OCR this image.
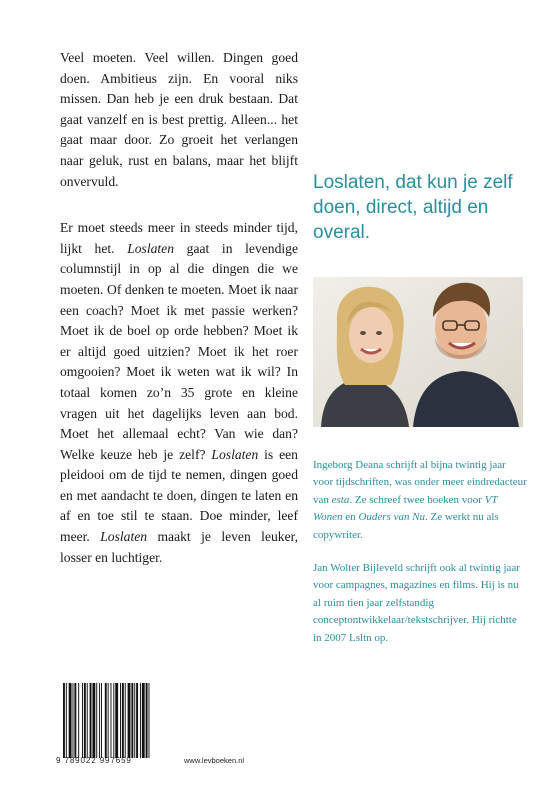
Veel moeten. Veel willen. Dingen goed doen. Ambitieus zijn. En vooral niks missen. Dan heb je een druk bestaan. Dat gaat vanzelf en is best prettig. Alleen... het gaat maar door. Zo groeit het verlangen naar geluk, rust en balans, maar het blijft onvervuld.

Er moet steeds meer in steeds minder tijd, lijkt het. Loslaten gaat in levendige columnstijl in op al die dingen die we moeten. Of denken te moeten. Moet ik naar een coach? Moet ik met passie werken? Moet ik de boel op orde hebben? Moet ik er altijd goed uitzien? Moet ik het roer omgooien? Moet ik weten wat ik wil? In totaal komen zo’n 35 grote en kleine vragen uit het dagelijks leven aan bod. Moet het allemaal echt? Van wie dan? Welke keuze heb je zelf? Loslaten is een pleidooi om de tijd te nemen, dingen goed en met aandacht te doen, dingen te laten en af en toe stil te staan. Doe minder, leef meer. Loslaten maakt je leven leuker, losser en luchtiger.

Loslaten, dat kun je zelf doen, direct, altijd en overal.

Ingeborg Deana schrijft al bijna twintig jaar voor tijdschriften, was onder meer eindredacteur van esta. Ze schreef twee boeken voor VT Wonen en Ouders van Nu. Ze werkt nu als copywriter.

Jan Wolter Bijleveld schrijft ook al twintig jaar voor campagnes, magazines en films. Hij is nu al ruim tien jaar zelfstandig conceptontwikkelaar/tekstschrijver. Hij richtte in 2007 Lsltn op.

9 789022 997659	www.levboeken.nl
